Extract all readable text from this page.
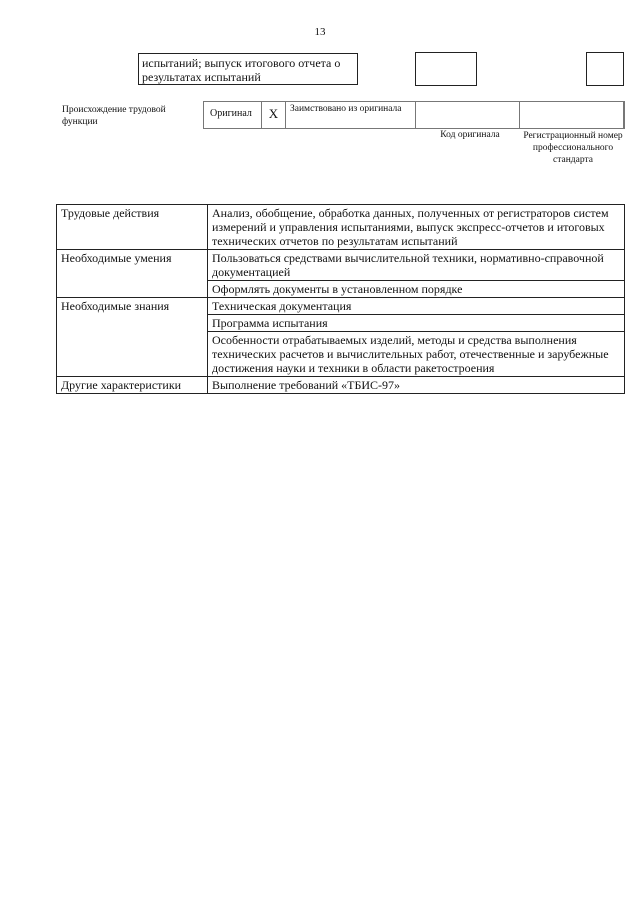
13
испытаний; выпуск итогового отчета о результатах испытаний
Происхождение трудовой функции
Оригинал	X	Заимствовано из оригинала
Код оригинала	Регистрационный номер профессионального стандарта
Трудовые действия	Анализ, обобщение, обработка данных, полученных от регистраторов систем измерений и управления испытаниями, выпуск экспресс-отчетов и итоговых технических отчетов по результатам испытаний
Необходимые умения	Пользоваться средствами вычислительной техники, нормативно-справочной документацией
	Оформлять документы в установленном порядке
Необходимые знания	Техническая документация
	Программа испытания
	Особенности отрабатываемых изделий, методы и средства выполнения технических расчетов и вычислительных работ, отечественные и зарубежные достижения науки и техники в области ракетостроения
Другие характеристики	Выполнение требований «ТБИС-97»
